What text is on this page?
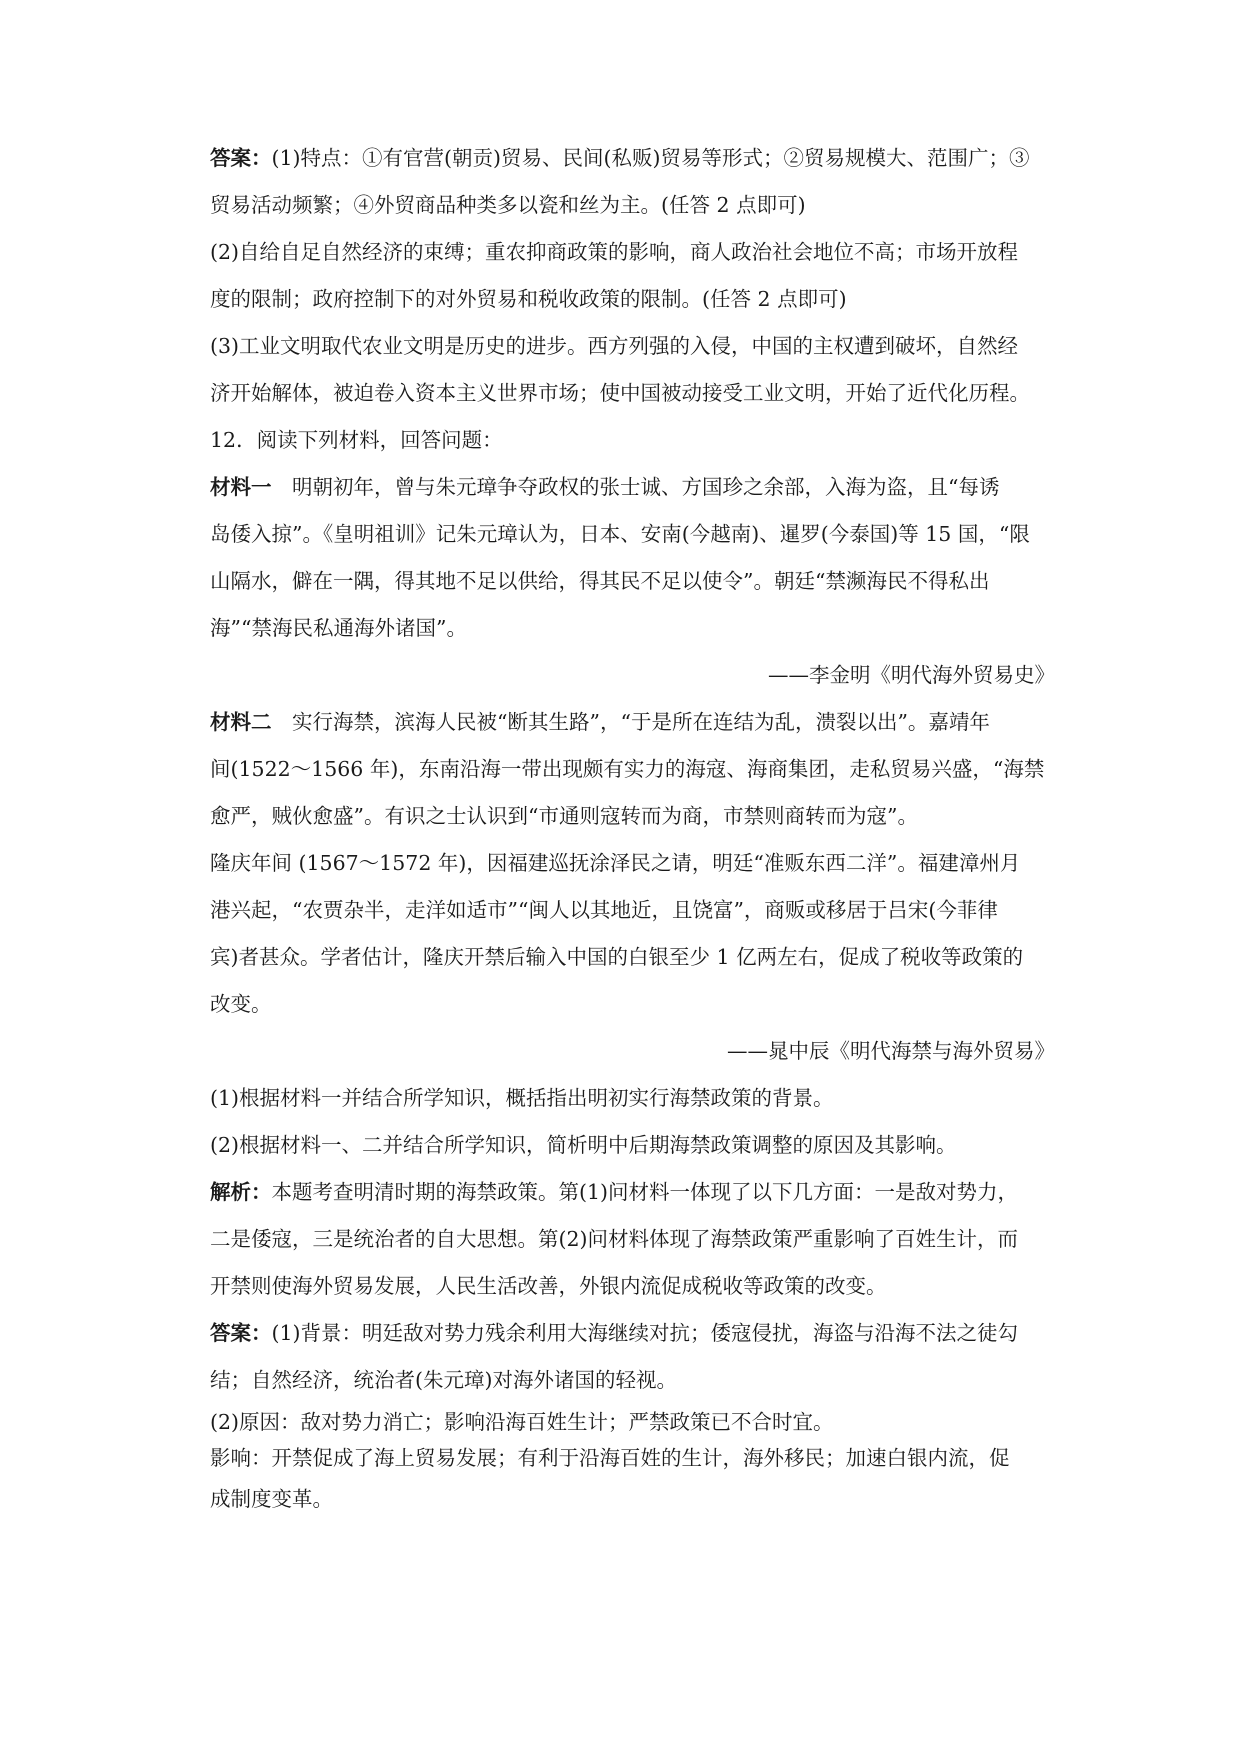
答案：(1)特点：①有官营(朝贡)贸易、民间(私贩)贸易等形式；②贸易规模大、范围广；③

贸易活动频繁；④外贸商品种类多以瓷和丝为主。(任答 2 点即可)

(2)自给自足自然经济的束缚；重农抑商政策的影响，商人政治社会地位不高；市场开放程

度的限制；政府控制下的对外贸易和税收政策的限制。(任答 2 点即可)

(3)工业文明取代农业文明是历史的进步。西方列强的入侵，中国的主权遭到破坏，自然经

济开始解体，被迫卷入资本主义世界市场；使中国被动接受工业文明，开始了近代化历程。

12．阅读下列材料，回答问题：

材料一　明朝初年，曾与朱元璋争夺政权的张士诚、方国珍之余部，入海为盗，且“每诱

岛倭入掠”。《皇明祖训》记朱元璋认为，日本、安南(今越南)、暹罗(今泰国)等 15 国，“限

山隔水，僻在一隅，得其地不足以供给，得其民不足以使令”。朝廷“禁濒海民不得私出

海”“禁海民私通海外诸国”。

——李金明《明代海外贸易史》

材料二　实行海禁，滨海人民被“断其生路”，“于是所在连结为乱，溃裂以出”。嘉靖年

间(1522～1566 年)，东南沿海一带出现颇有实力的海寇、海商集团，走私贸易兴盛，“海禁

愈严，贼伙愈盛”。有识之士认识到“市通则寇转而为商，市禁则商转而为寇”。

隆庆年间 (1567～1572 年)，因福建巡抚涂泽民之请，明廷“准贩东西二洋”。福建漳州月

港兴起，“农贾杂半，走洋如适市”“闽人以其地近，且饶富”，商贩或移居于吕宋(今菲律

宾)者甚众。学者估计，隆庆开禁后输入中国的白银至少 1 亿两左右，促成了税收等政策的

改变。

——晁中辰《明代海禁与海外贸易》

(1)根据材料一并结合所学知识，概括指出明初实行海禁政策的背景。

(2)根据材料一、二并结合所学知识，简析明中后期海禁政策调整的原因及其影响。

解析：本题考查明清时期的海禁政策。第(1)问材料一体现了以下几方面：一是敌对势力，

二是倭寇，三是统治者的自大思想。第(2)问材料体现了海禁政策严重影响了百姓生计，而

开禁则使海外贸易发展，人民生活改善，外银内流促成税收等政策的改变。

答案：(1)背景：明廷敌对势力残余利用大海继续对抗；倭寇侵扰，海盗与沿海不法之徒勾

结；自然经济，统治者(朱元璋)对海外诸国的轻视。

(2)原因：敌对势力消亡；影响沿海百姓生计；严禁政策已不合时宜。

影响：开禁促成了海上贸易发展；有利于沿海百姓的生计，海外移民；加速白银内流，促

成制度变革。
